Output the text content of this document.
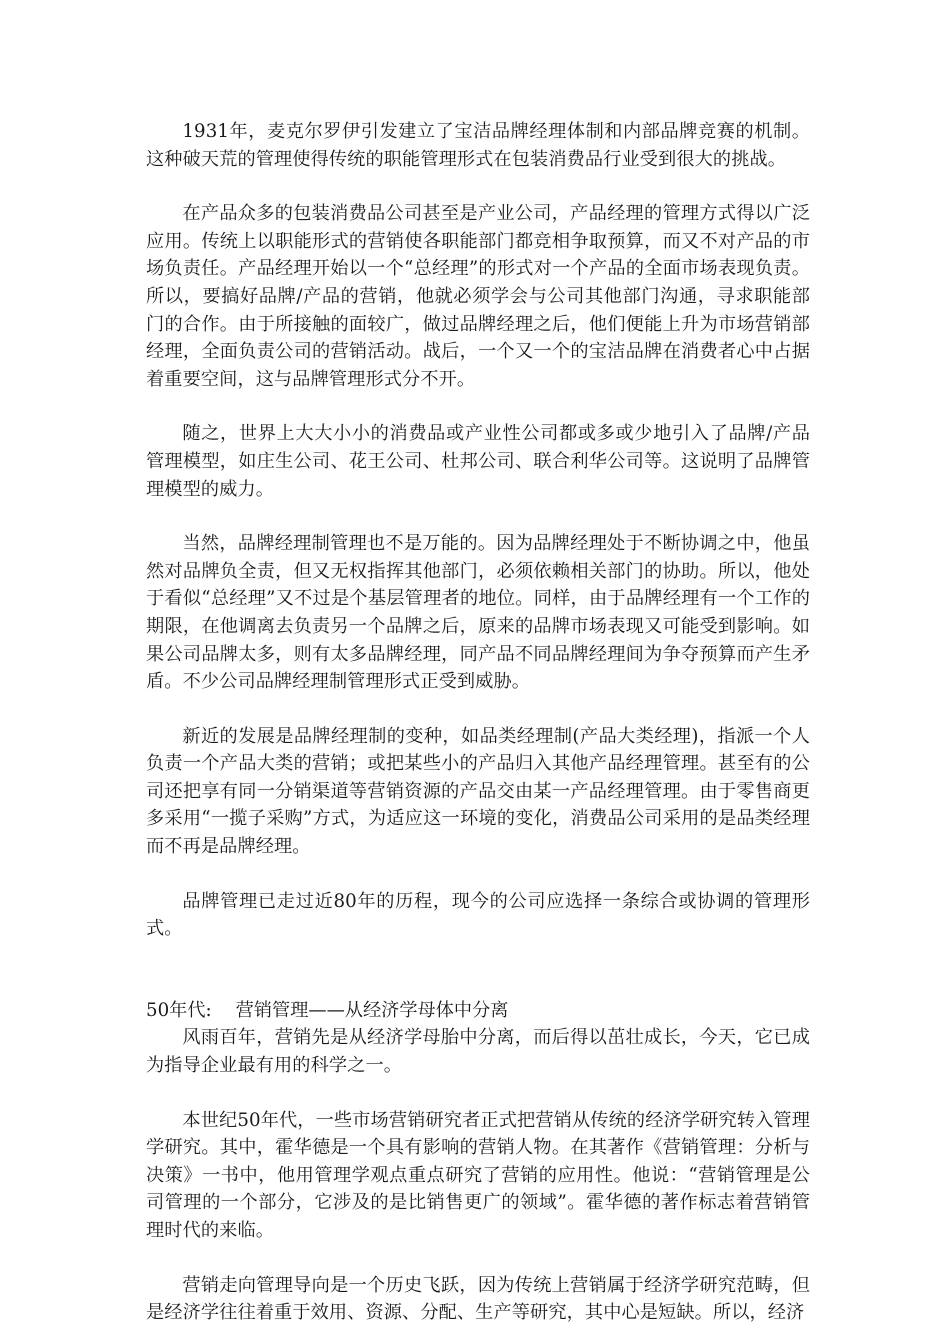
1931年，麦克尔罗伊引发建立了宝洁品牌经理体制和内部品牌竞赛的机制。这种破天荒的管理使得传统的职能管理形式在包装消费品行业受到很大的挑战。

在产品众多的包装消费品公司甚至是产业公司，产品经理的管理方式得以广泛应用。传统上以职能形式的营销使各职能部门都竞相争取预算，而又不对产品的市场负责任。产品经理开始以一个“总经理”的形式对一个产品的全面市场表现负责。所以，要搞好品牌/产品的营销，他就必须学会与公司其他部门沟通，寻求职能部门的合作。由于所接触的面较广，做过品牌经理之后，他们便能上升为市场营销部经理，全面负责公司的营销活动。战后，一个又一个的宝洁品牌在消费者心中占据着重要空间，这与品牌管理形式分不开。

随之，世界上大大小小的消费品或产业性公司都或多或少地引入了品牌/产品管理模型，如庄生公司、花王公司、杜邦公司、联合利华公司等。这说明了品牌管理模型的威力。

当然，品牌经理制管理也不是万能的。因为品牌经理处于不断协调之中，他虽然对品牌负全责，但又无权指挥其他部门，必须依赖相关部门的协助。所以，他处于看似“总经理”又不过是个基层管理者的地位。同样，由于品牌经理有一个工作的期限，在他调离去负责另一个品牌之后，原来的品牌市场表现又可能受到影响。如果公司品牌太多，则有太多品牌经理，同产品不同品牌经理间为争夺预算而产生矛盾。不少公司品牌经理制管理形式正受到威胁。

新近的发展是品牌经理制的变种，如品类经理制(产品大类经理)，指派一个人负责一个产品大类的营销；或把某些小的产品归入其他产品经理管理。甚至有的公司还把享有同一分销渠道等营销资源的产品交由某一产品经理管理。由于零售商更多采用“一揽子采购”方式，为适应这一环境的变化，消费品公司采用的是品类经理而不再是品牌经理。

品牌管理已走过近80年的历程，现今的公司应选择一条综合或协调的管理形式。

50年代: 营销管理——从经济学母体中分离

风雨百年，营销先是从经济学母胎中分离，而后得以茁壮成长，今天，它已成为指导企业最有用的科学之一。

本世纪50年代，一些市场营销研究者正式把营销从传统的经济学研究转入管理学研究。其中，霍华德是一个具有影响的营销人物。在其著作《营销管理：分析与决策》一书中，他用管理学观点重点研究了营销的应用性。他说：“营销管理是公司管理的一个部分，它涉及的是比销售更广的领域”。霍华德的著作标志着营销管理时代的来临。

营销走向管理导向是一个历史飞跃，因为传统上营销属于经济学研究范畴，但是经济学往往着重于效用、资源、分配、生产等研究，其中心是短缺。所以，经济
